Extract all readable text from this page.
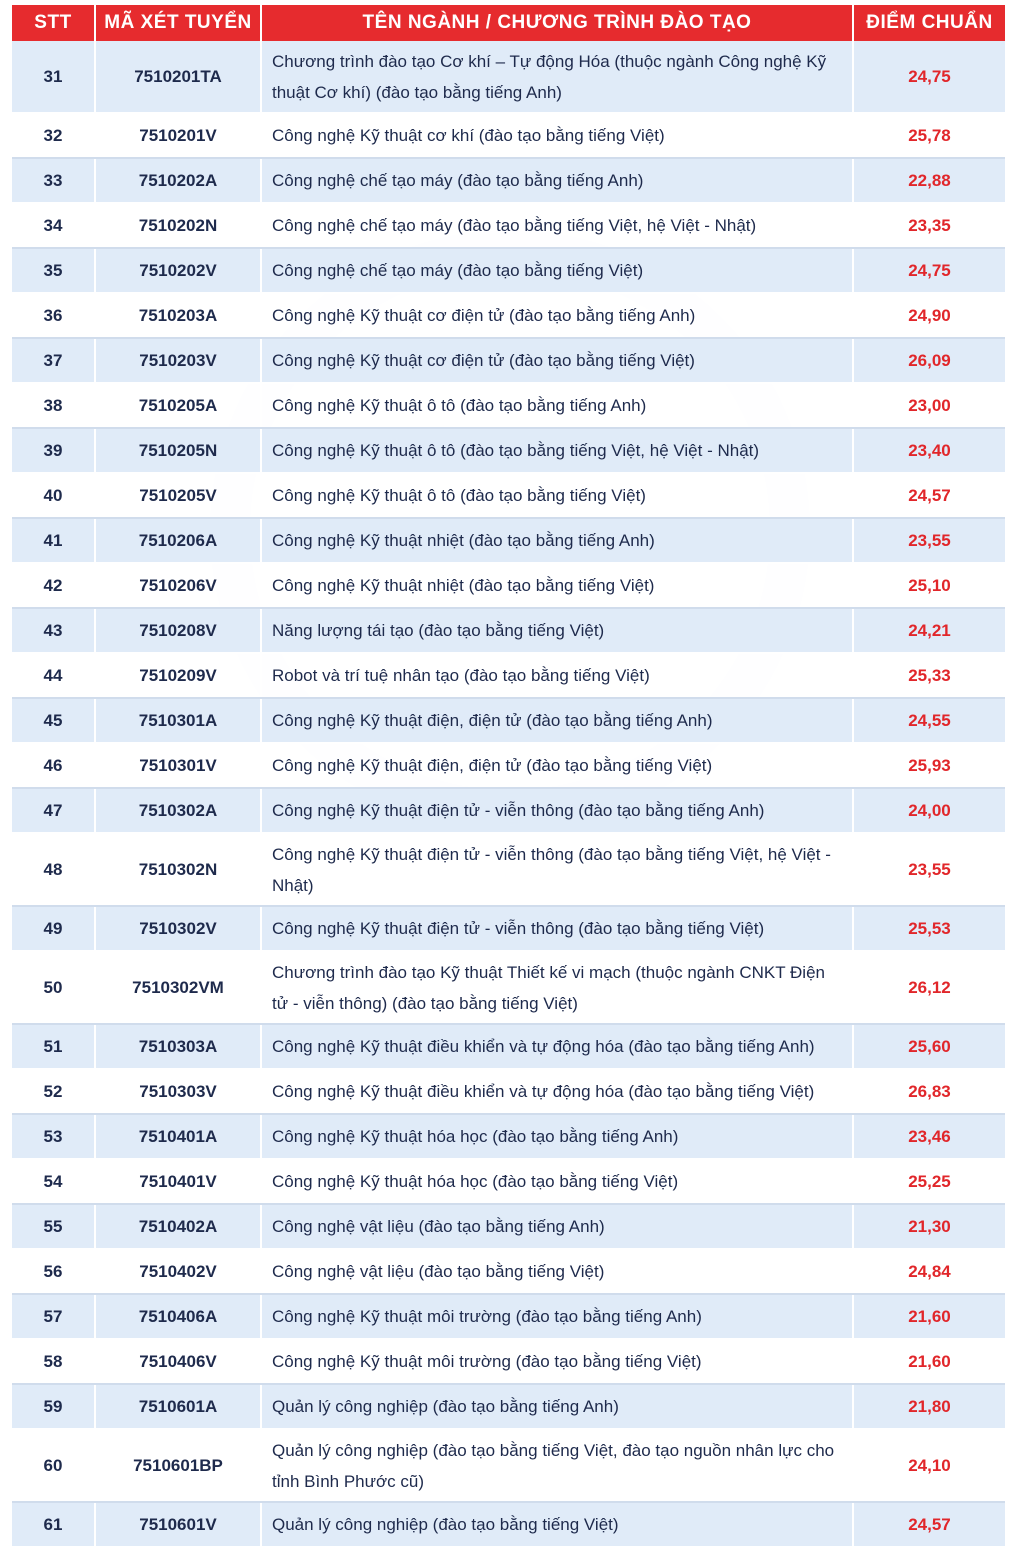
STT	MÃ XÉT TUYỂN	TÊN NGÀNH / CHƯƠNG TRÌNH ĐÀO TẠO	ĐIỂM CHUẨN
31	7510201TA	Chương trình đào tạo Cơ khí – Tự động Hóa (thuộc ngành Công nghệ Kỹ thuật Cơ khí) (đào tạo bằng tiếng Anh)	24,75
32	7510201V	Công nghệ Kỹ thuật cơ khí (đào tạo bằng tiếng Việt)	25,78
33	7510202A	Công nghệ chế tạo máy (đào tạo bằng tiếng Anh)	22,88
34	7510202N	Công nghệ chế tạo máy (đào tạo bằng tiếng Việt, hệ Việt - Nhật)	23,35
35	7510202V	Công nghệ chế tạo máy (đào tạo bằng tiếng Việt)	24,75
36	7510203A	Công nghệ Kỹ thuật cơ điện tử (đào tạo bằng tiếng Anh)	24,90
37	7510203V	Công nghệ Kỹ thuật cơ điện tử (đào tạo bằng tiếng Việt)	26,09
38	7510205A	Công nghệ Kỹ thuật ô tô (đào tạo bằng tiếng Anh)	23,00
39	7510205N	Công nghệ Kỹ thuật ô tô (đào tạo bằng tiếng Việt, hệ Việt - Nhật)	23,40
40	7510205V	Công nghệ Kỹ thuật ô tô (đào tạo bằng tiếng Việt)	24,57
41	7510206A	Công nghệ Kỹ thuật nhiệt (đào tạo bằng tiếng Anh)	23,55
42	7510206V	Công nghệ Kỹ thuật nhiệt (đào tạo bằng tiếng Việt)	25,10
43	7510208V	Năng lượng tái tạo (đào tạo bằng tiếng Việt)	24,21
44	7510209V	Robot và trí tuệ nhân tạo (đào tạo bằng tiếng Việt)	25,33
45	7510301A	Công nghệ Kỹ thuật điện, điện tử (đào tạo bằng tiếng Anh)	24,55
46	7510301V	Công nghệ Kỹ thuật điện, điện tử (đào tạo bằng tiếng Việt)	25,93
47	7510302A	Công nghệ Kỹ thuật điện tử - viễn thông (đào tạo bằng tiếng Anh)	24,00
48	7510302N	Công nghệ Kỹ thuật điện tử - viễn thông (đào tạo bằng tiếng Việt, hệ Việt - Nhật)	23,55
49	7510302V	Công nghệ Kỹ thuật điện tử - viễn thông (đào tạo bằng tiếng Việt)	25,53
50	7510302VM	Chương trình đào tạo Kỹ thuật Thiết kế vi mạch (thuộc ngành CNKT Điện tử - viễn thông) (đào tạo bằng tiếng Việt)	26,12
51	7510303A	Công nghệ Kỹ thuật điều khiển và tự động hóa (đào tạo bằng tiếng Anh)	25,60
52	7510303V	Công nghệ Kỹ thuật điều khiển và tự động hóa (đào tạo bằng tiếng Việt)	26,83
53	7510401A	Công nghệ Kỹ thuật hóa học (đào tạo bằng tiếng Anh)	23,46
54	7510401V	Công nghệ Kỹ thuật hóa học (đào tạo bằng tiếng Việt)	25,25
55	7510402A	Công nghệ vật liệu (đào tạo bằng tiếng Anh)	21,30
56	7510402V	Công nghệ vật liệu (đào tạo bằng tiếng Việt)	24,84
57	7510406A	Công nghệ Kỹ thuật môi trường (đào tạo bằng tiếng Anh)	21,60
58	7510406V	Công nghệ Kỹ thuật môi trường (đào tạo bằng tiếng Việt)	21,60
59	7510601A	Quản lý công nghiệp (đào tạo bằng tiếng Anh)	21,80
60	7510601BP	Quản lý công nghiệp (đào tạo bằng tiếng Việt, đào tạo nguồn nhân lực cho tỉnh Bình Phước cũ)	24,10
61	7510601V	Quản lý công nghiệp (đào tạo bằng tiếng Việt)	24,57
